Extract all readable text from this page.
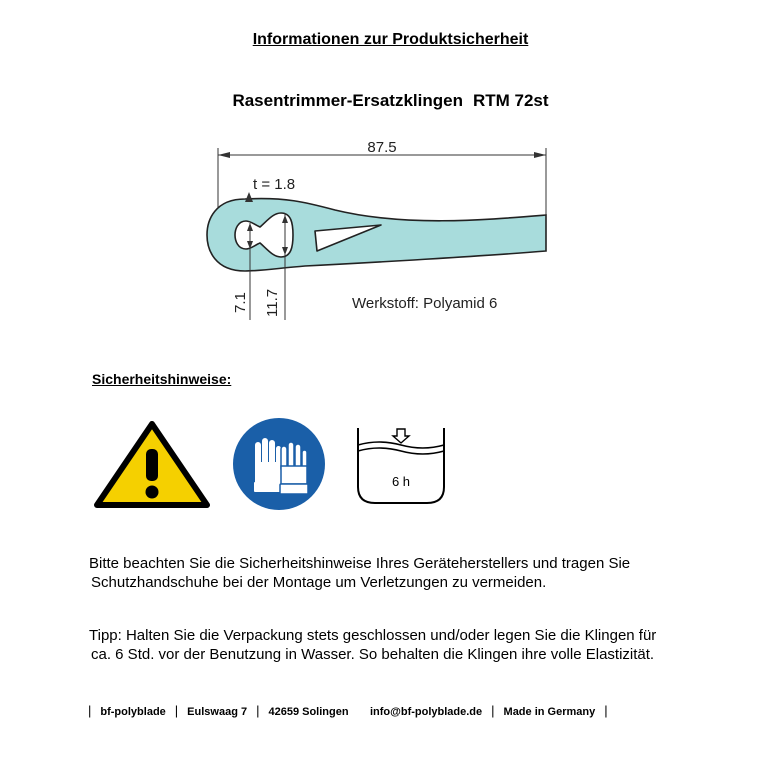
Informationen zur Produktsicherheit
Rasentrimmer-Ersatzklingen RTM 72st
87.5
t = 1.8
7.1 11.7	Werkstoff: Polyamid 6
Sicherheitshinweise:
6 h
Bitte beachten Sie die Sicherheitshinweise Ihres Geräteherstellers und tragen Sie
Schutzhandschuhe bei der Montage um Verletzungen zu vermeiden.
Tipp: Halten Sie die Verpackung stets geschlossen und/oder legen Sie die Klingen für
ca. 6 Std. vor der Benutzung in Wasser. So behalten die Klingen ihre volle Elastizität.
| bf-polyblade | Eulswaag 7 | 42659 Solingen info@bf-polyblade.de | Made in Germany |
